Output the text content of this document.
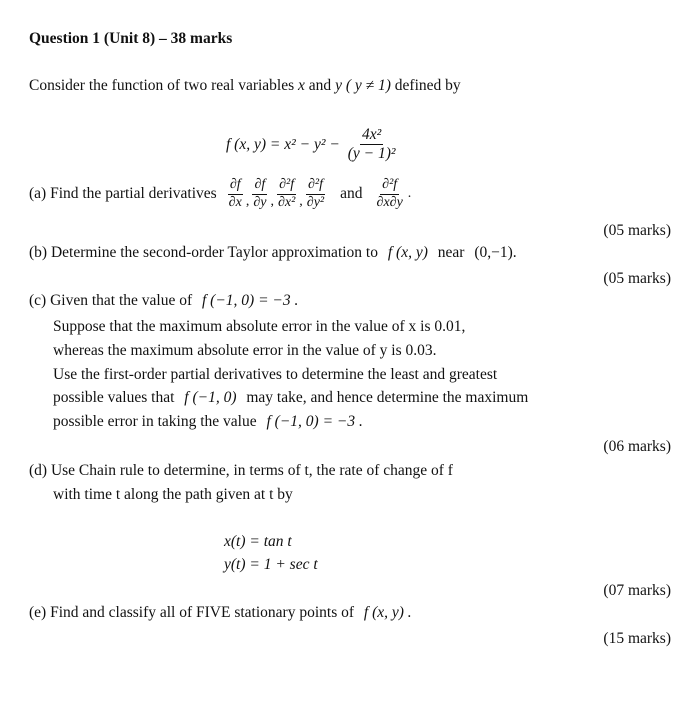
Question 1 (Unit 8) – 38 marks
Consider the function of two real variables x and y ( y ≠ 1) defined by
f (x, $y) = x^2 - y^2 - \frac{\text{4x²}}{\text{(y − 1)²}}$
(a) Find the partial derivatives $\frac{\partial f}{\partial x}$ , $\frac{\partial f}{\partial y}$ , $\frac{\text{∂²f}}{\text{∂x²}}$ , $\frac{\text{∂²f}}{\text{∂y²}}$ and $\frac{\text{∂²f}}{\partial x\partial y}$ .
(05 marks)
(b) Determine the second-order Taylor approximation to f (x, y) near (0,−1).
(05 marks)
(c) Given that the value of f (−1, 0) = −3 .
Suppose that the maximum absolute error in the value of x is 0.01,
whereas the maximum absolute error in the value of y is 0.03.
Use the first-order partial derivatives to determine the least and greatest
possible values that f (−1, 0) may take, and hence determine the maximum
possible error in taking the value f (−1, 0) = −3 .
(06 marks)
(d) Use Chain rule to determine, in terms of t, the rate of change of f
with time t along the path given at t by
x(t) = tan t
y(t) = 1 + sec t
(07 marks)
(e) Find and classify all of FIVE stationary points of f (x, y) .
(15 marks)
